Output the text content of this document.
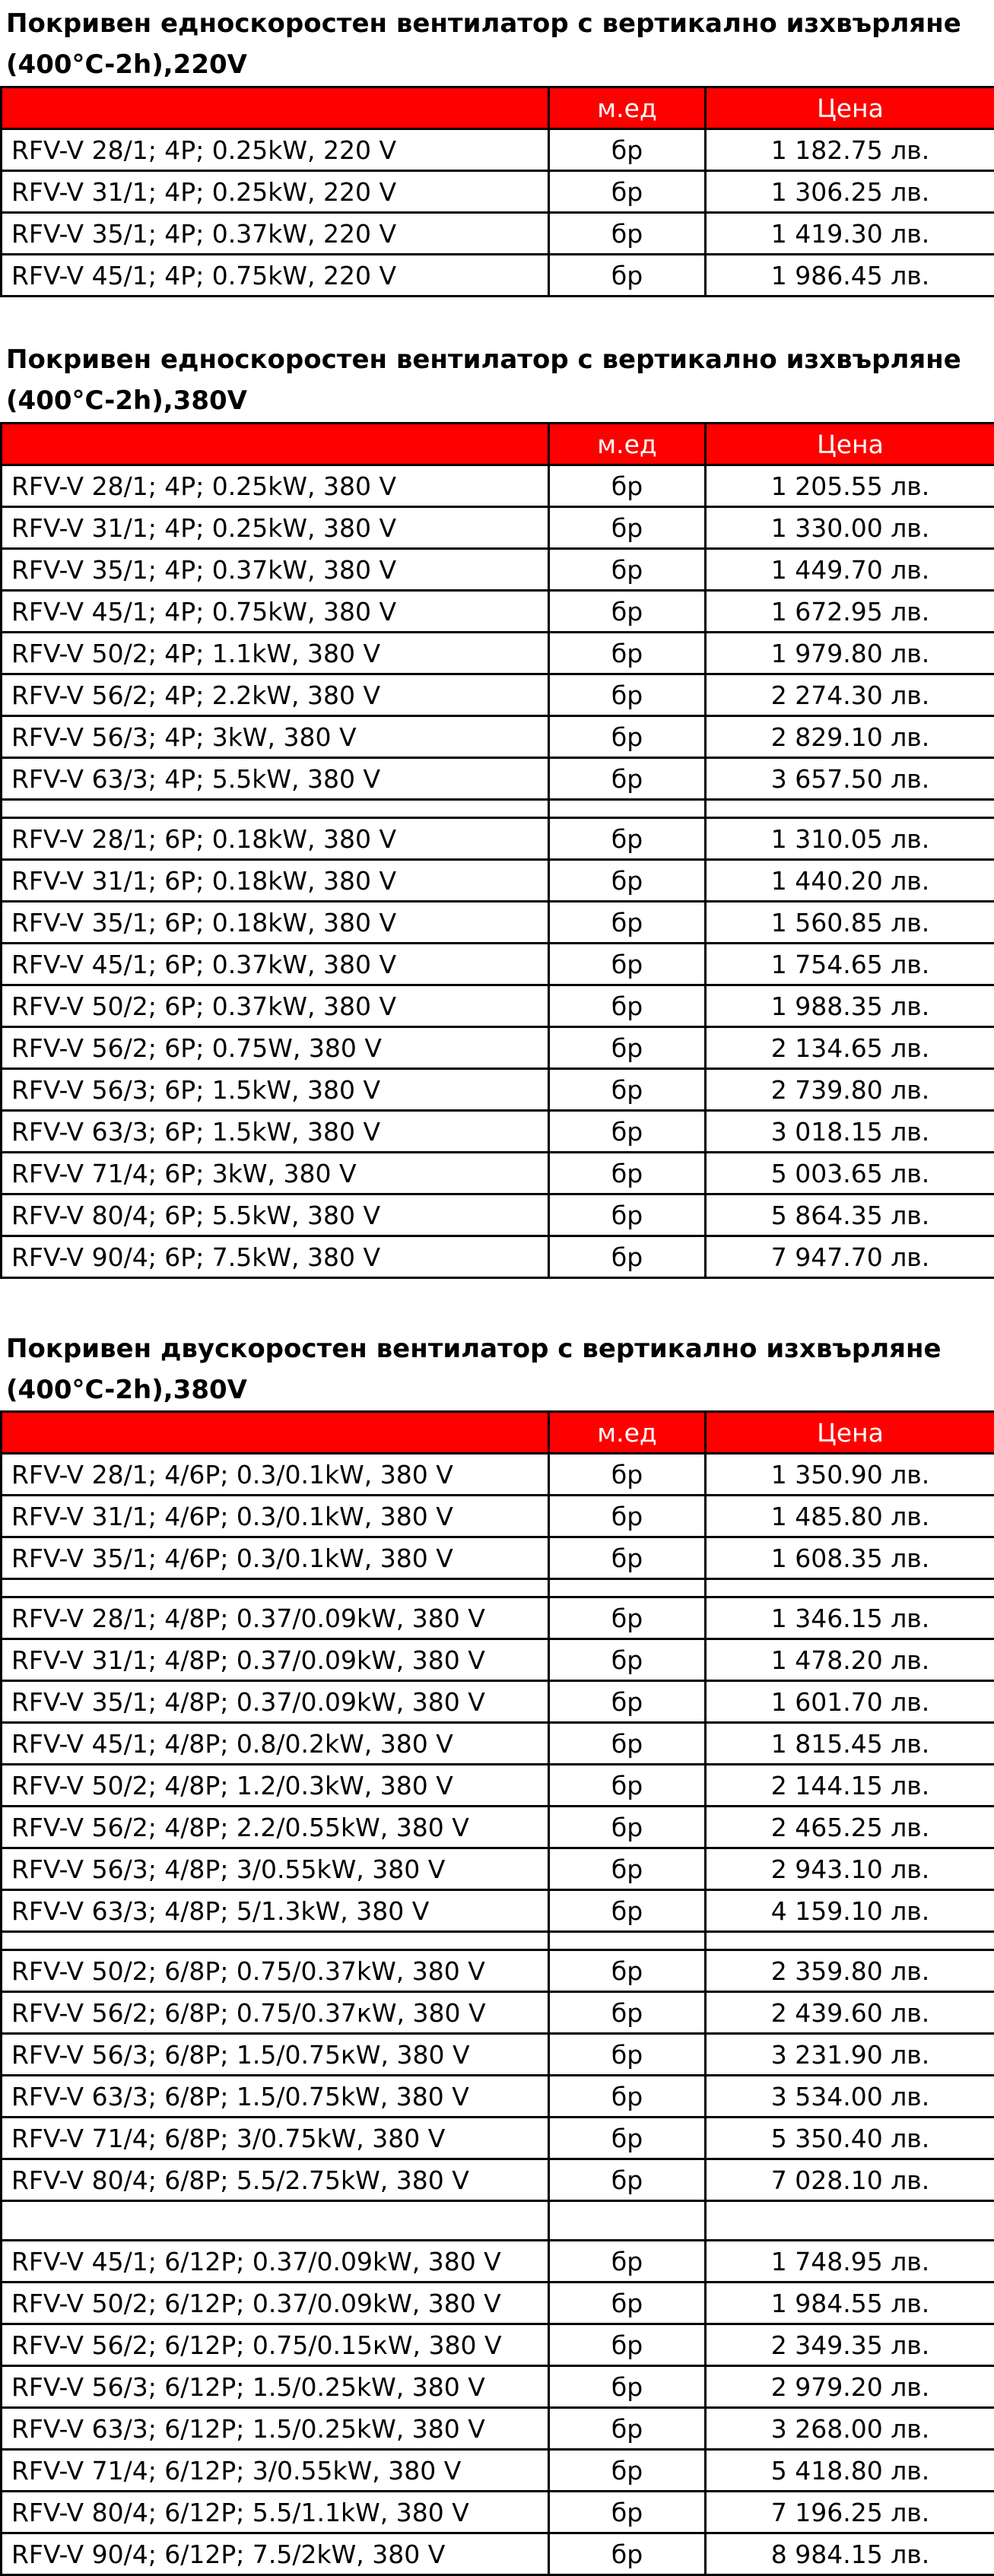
Покривен едноскоростен вентилатор с вертикално изхвърляне (400°C-2h),220V
	м.ед	Цена
RFV-V 28/1; 4P; 0.25kW, 220 V	бр	1 182.75 лв.
RFV-V 31/1; 4P; 0.25kW, 220 V	бр	1 306.25 лв.
RFV-V 35/1; 4P; 0.37kW, 220 V	бр	1 419.30 лв.
RFV-V 45/1; 4P; 0.75kW, 220 V	бр	1 986.45 лв.
Покривен едноскоростен вентилатор с вертикално изхвърляне (400°C-2h),380V
	м.ед	Цена
RFV-V 28/1; 4P; 0.25kW, 380 V	бр	1 205.55 лв.
RFV-V 31/1; 4P; 0.25kW, 380 V	бр	1 330.00 лв.
RFV-V 35/1; 4P; 0.37kW, 380 V	бр	1 449.70 лв.
RFV-V 45/1; 4P; 0.75kW, 380 V	бр	1 672.95 лв.
RFV-V 50/2; 4P; 1.1kW, 380 V	бр	1 979.80 лв.
RFV-V 56/2; 4P; 2.2kW, 380 V	бр	2 274.30 лв.
RFV-V 56/3; 4P; 3kW, 380 V	бр	2 829.10 лв.
RFV-V 63/3; 4P; 5.5kW, 380 V	бр	3 657.50 лв.

RFV-V 28/1; 6P; 0.18kW, 380 V	бр	1 310.05 лв.
RFV-V 31/1; 6P; 0.18kW, 380 V	бр	1 440.20 лв.
RFV-V 35/1; 6P; 0.18kW, 380 V	бр	1 560.85 лв.
RFV-V 45/1; 6P; 0.37kW, 380 V	бр	1 754.65 лв.
RFV-V 50/2; 6P; 0.37kW, 380 V	бр	1 988.35 лв.
RFV-V 56/2; 6P; 0.75W, 380 V	бр	2 134.65 лв.
RFV-V 56/3; 6P; 1.5kW, 380 V	бр	2 739.80 лв.
RFV-V 63/3; 6P; 1.5kW, 380 V	бр	3 018.15 лв.
RFV-V 71/4; 6P; 3kW, 380 V	бр	5 003.65 лв.
RFV-V 80/4; 6P; 5.5kW, 380 V	бр	5 864.35 лв.
RFV-V 90/4; 6P; 7.5kW, 380 V	бр	7 947.70 лв.
Покривен двускоростен вентилатор с вертикално изхвърляне (400°C-2h),380V
	м.ед	Цена
RFV-V 28/1; 4/6P; 0.3/0.1kW, 380 V	бр	1 350.90 лв.
RFV-V 31/1; 4/6P; 0.3/0.1kW, 380 V	бр	1 485.80 лв.
RFV-V 35/1; 4/6P; 0.3/0.1kW, 380 V	бр	1 608.35 лв.

RFV-V 28/1; 4/8P; 0.37/0.09kW, 380 V	бр	1 346.15 лв.
RFV-V 31/1; 4/8P; 0.37/0.09kW, 380 V	бр	1 478.20 лв.
RFV-V 35/1; 4/8P; 0.37/0.09kW, 380 V	бр	1 601.70 лв.
RFV-V 45/1; 4/8P; 0.8/0.2kW, 380 V	бр	1 815.45 лв.
RFV-V 50/2; 4/8P; 1.2/0.3kW, 380 V	бр	2 144.15 лв.
RFV-V 56/2; 4/8P; 2.2/0.55kW, 380 V	бр	2 465.25 лв.
RFV-V 56/3; 4/8P; 3/0.55kW, 380 V	бр	2 943.10 лв.
RFV-V 63/3; 4/8P; 5/1.3kW, 380 V	бр	4 159.10 лв.

RFV-V 50/2; 6/8P; 0.75/0.37kW, 380 V	бр	2 359.80 лв.
RFV-V 56/2; 6/8P; 0.75/0.37кW, 380 V	бр	2 439.60 лв.
RFV-V 56/3; 6/8P; 1.5/0.75кW, 380 V	бр	3 231.90 лв.
RFV-V 63/3; 6/8P; 1.5/0.75kW, 380 V	бр	3 534.00 лв.
RFV-V 71/4; 6/8P; 3/0.75kW, 380 V	бр	5 350.40 лв.
RFV-V 80/4; 6/8P; 5.5/2.75kW, 380 V	бр	7 028.10 лв.

RFV-V 45/1; 6/12P; 0.37/0.09kW, 380 V	бр	1 748.95 лв.
RFV-V 50/2; 6/12P; 0.37/0.09kW, 380 V	бр	1 984.55 лв.
RFV-V 56/2; 6/12P; 0.75/0.15кW, 380 V	бр	2 349.35 лв.
RFV-V 56/3; 6/12P; 1.5/0.25kW, 380 V	бр	2 979.20 лв.
RFV-V 63/3; 6/12P; 1.5/0.25kW, 380 V	бр	3 268.00 лв.
RFV-V 71/4; 6/12P; 3/0.55kW, 380 V	бр	5 418.80 лв.
RFV-V 80/4; 6/12P; 5.5/1.1kW, 380 V	бр	7 196.25 лв.
RFV-V 90/4; 6/12P; 7.5/2kW, 380 V	бр	8 984.15 лв.
